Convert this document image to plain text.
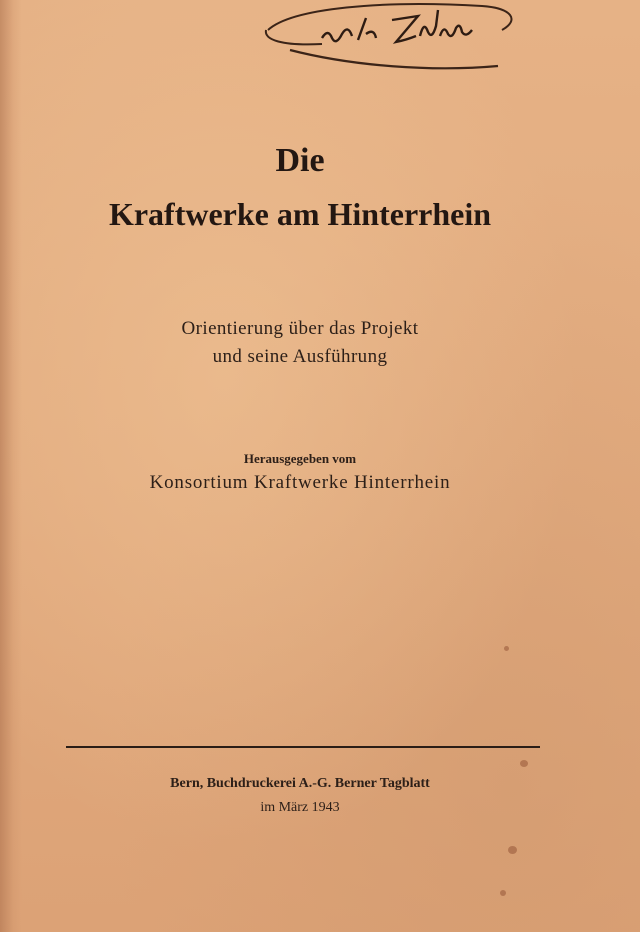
Die
Kraftwerke am Hinterrhein
Orientierung über das Projekt
und seine Ausführung
Herausgegeben vom
Konsortium Kraftwerke Hinterrhein
Bern, Buchdruckerei A.-G. Berner Tagblatt
im März 1943
